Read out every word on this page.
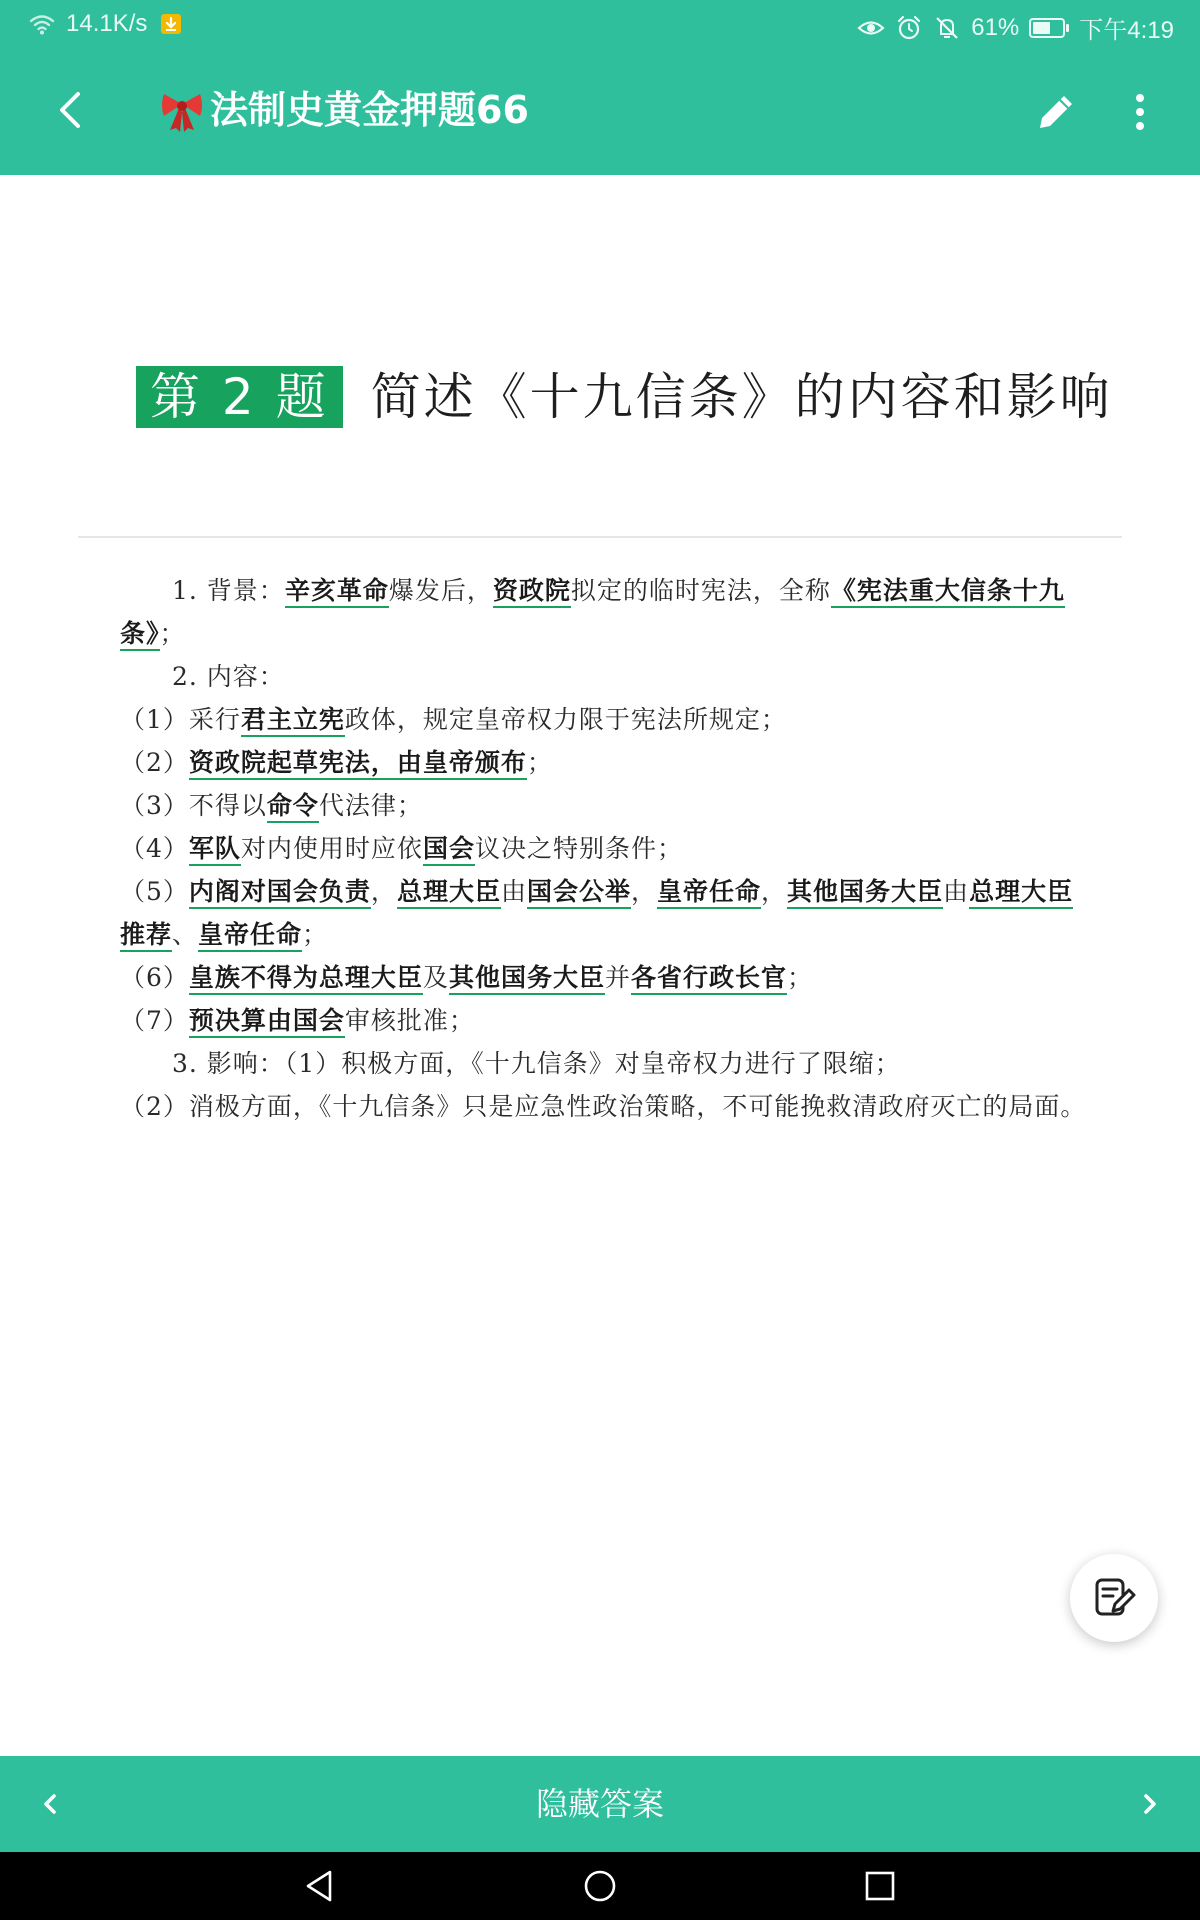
14.1K/s	61%	下午4:19
法制史黄金押题66
第 2 题 简述《十九信条》的内容和影响

1. 背景：辛亥革命爆发后，资政院拟定的临时宪法，全称《宪法重大信条十九条》；

2. 内容：

（1）采行君主立宪政体，规定皇帝权力限于宪法所规定；

（2）资政院起草宪法，由皇帝颁布；

（3）不得以命令代法律；

（4）军队对内使用时应依国会议决之特别条件；

（5）内阁对国会负责，总理大臣由国会公举，皇帝任命，其他国务大臣由总理大臣推荐、皇帝任命；

（6）皇族不得为总理大臣及其他国务大臣并各省行政长官；

（7）预决算由国会审核批准；

3. 影响：（1）积极方面，《十九信条》对皇帝权力进行了限缩；

（2）消极方面，《十九信条》只是应急性政治策略，不可能挽救清政府灭亡的局面。

隐藏答案
